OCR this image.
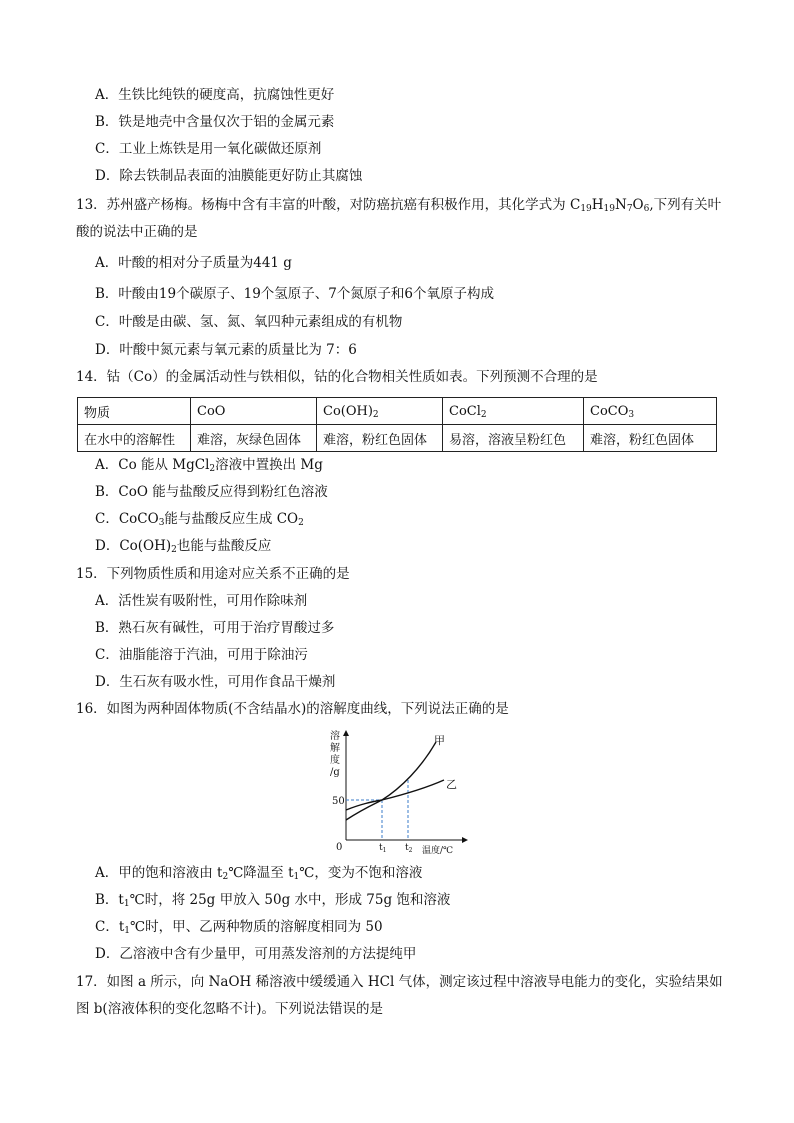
A．生铁比纯铁的硬度高，抗腐蚀性更好
B．铁是地壳中含量仅次于铝的金属元素
C．工业上炼铁是用一氧化碳做还原剂
D．除去铁制品表面的油膜能更好防止其腐蚀
13．苏州盛产杨梅。杨梅中含有丰富的叶酸，对防癌抗癌有积极作用，其化学式为 $C_{19}H_{19}N_7O_6$,下列有关叶
酸的说法中正确的是
A．叶酸的相对分子质量为441 g
B．叶酸由19个碳原子、19个氢原子、7个氮原子和6个氧原子构成
C．叶酸是由碳、氢、氮、氧四种元素组成的有机物
D．叶酸中氮元素与氧元素的质量比为 7：6
14．钴（Co）的金属活动性与铁相似，钴的化合物相关性质如表。下列预测不合理的是
物质	CoO	$Co(OH)_2$	CoCl$_2$	CoCO$_3$
在水中的溶解性	难溶，灰绿色固体	难溶，粉红色固体	易溶，溶液呈粉红色	难溶，粉红色固体
A．Co 能从 MgCl$_2$溶液中置换出 Mg
B．CoO 能与盐酸反应得到粉红色溶液
C．CoCO$_3$能与盐酸反应生成 $CO_2$
D．$Co(OH)_2$也能与盐酸反应
15．下列物质性质和用途对应关系不正确的是
A．活性炭有吸附性，可用作除味剂
B．熟石灰有碱性，可用于治疗胃酸过多
C．油脂能溶于汽油，可用于除油污
D．生石灰有吸水性，可用作食品干燥剂
16．如图为两种固体物质(不含结晶水)的溶解度曲线，下列说法正确的是
溶
解
度
/g
50
0	$t_1$ $t_2$ 温度/℃
甲
乙
A．甲的饱和溶液由 $t_2℃$降温至 $t_1℃$，变为不饱和溶液
B．$t_1℃$时，将 25g 甲放入 50g 水中，形成 75g 饱和溶液
C．$t_1℃$时，甲、乙两种物质的溶解度相同为 50
D．乙溶液中含有少量甲，可用蒸发溶剂的方法提纯甲
17．如图 a 所示，向 NaOH 稀溶液中缓缓通入 HCl 气体，测定该过程中溶液导电能力的变化，实验结果如
图 b(溶液体积的变化忽略不计)。下列说法错误的是
